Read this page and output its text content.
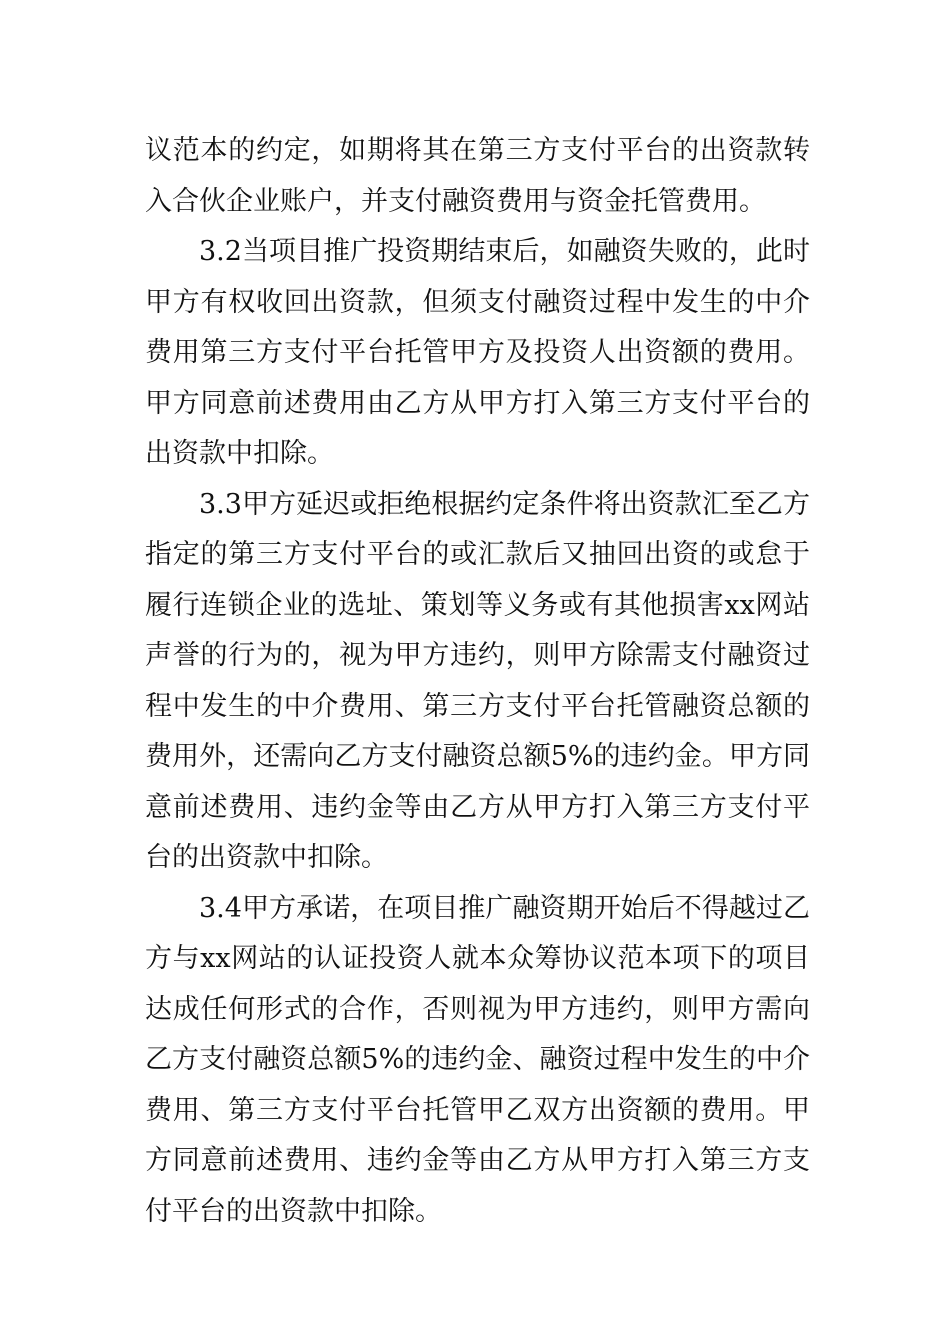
议范本的约定，如期将其在第三方支付平台的出资款转入合伙企业账户，并支付融资费用与资金托管费用。

3.2当项目推广投资期结束后，如融资失败的，此时甲方有权收回出资款，但须支付融资过程中发生的中介费用第三方支付平台托管甲方及投资人出资额的费用。甲方同意前述费用由乙方从甲方打入第三方支付平台的出资款中扣除。

3.3甲方延迟或拒绝根据约定条件将出资款汇至乙方指定的第三方支付平台的或汇款后又抽回出资的或怠于履行连锁企业的选址、策划等义务或有其他损害xx网站声誉的行为的，视为甲方违约，则甲方除需支付融资过程中发生的中介费用、第三方支付平台托管融资总额的费用外，还需向乙方支付融资总额5%的违约金。甲方同意前述费用、违约金等由乙方从甲方打入第三方支付平台的出资款中扣除。

3.4甲方承诺，在项目推广融资期开始后不得越过乙方与xx网站的认证投资人就本众筹协议范本项下的项目达成任何形式的合作，否则视为甲方违约，则甲方需向乙方支付融资总额5%的违约金、融资过程中发生的中介费用、第三方支付平台托管甲乙双方出资额的费用。甲方同意前述费用、违约金等由乙方从甲方打入第三方支付平台的出资款中扣除。
